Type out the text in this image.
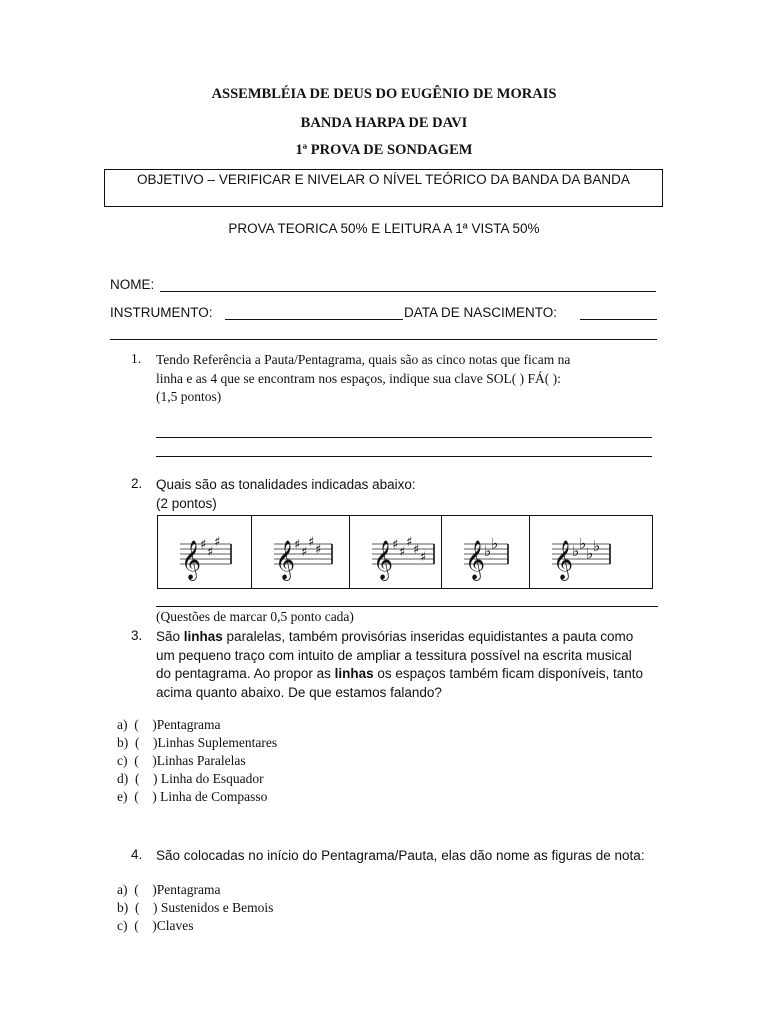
ASSEMBLÉIA DE DEUS DO EUGÊNIO DE MORAIS
BANDA HARPA DE DAVI
1ª PROVA DE SONDAGEM
OBJETIVO – VERIFICAR E NIVELAR O NÍVEL TEÓRICO DA BANDA DA BANDA
PROVA TEORICA 50% E LEITURA A 1ª VISTA 50%
NOME:
INSTRUMENTO:	DATA DE NASCIMENTO:
1. Tendo Referência a Pauta/Pentagrama, quais são as cinco notas que ficam na
linha e as 4 que se encontram nos espaços, indique sua clave SOL( ) FÁ( ):
(1,5 pontos)
2. Quais são as tonalidades indicadas abaixo:
(2 pontos)
𝄞
♯ ♯
♯ 𝄞
♯ ♯
♯ ♯ 𝄞
♯ ♯
♯ ♯ ♯ 𝄞
♭ ♭ 𝄞
♭ ♭
♭ ♭
(Questões de marcar 0,5 ponto cada)
3. São linhas paralelas, também provisórias inseridas equidistantes a pauta como
um pequeno traço com intuito de ampliar a tessitura possível na escrita musical
do pentagrama. Ao propor as linhas os espaços também ficam disponíveis, tanto
acima quanto abaixo. De que estamos falando?
a)  (    )Pentagrama
b)  (    )Linhas Suplementares
c)  (    )Linhas Paralelas
d)  (    ) Linha do Esquador
e)  (    ) Linha de Compasso
4. São colocadas no início do Pentagrama/Pauta, elas dão nome as figuras de nota:
a)  (    )Pentagrama
b)  (    ) Sustenidos e Bemois
c)  (    )Claves
